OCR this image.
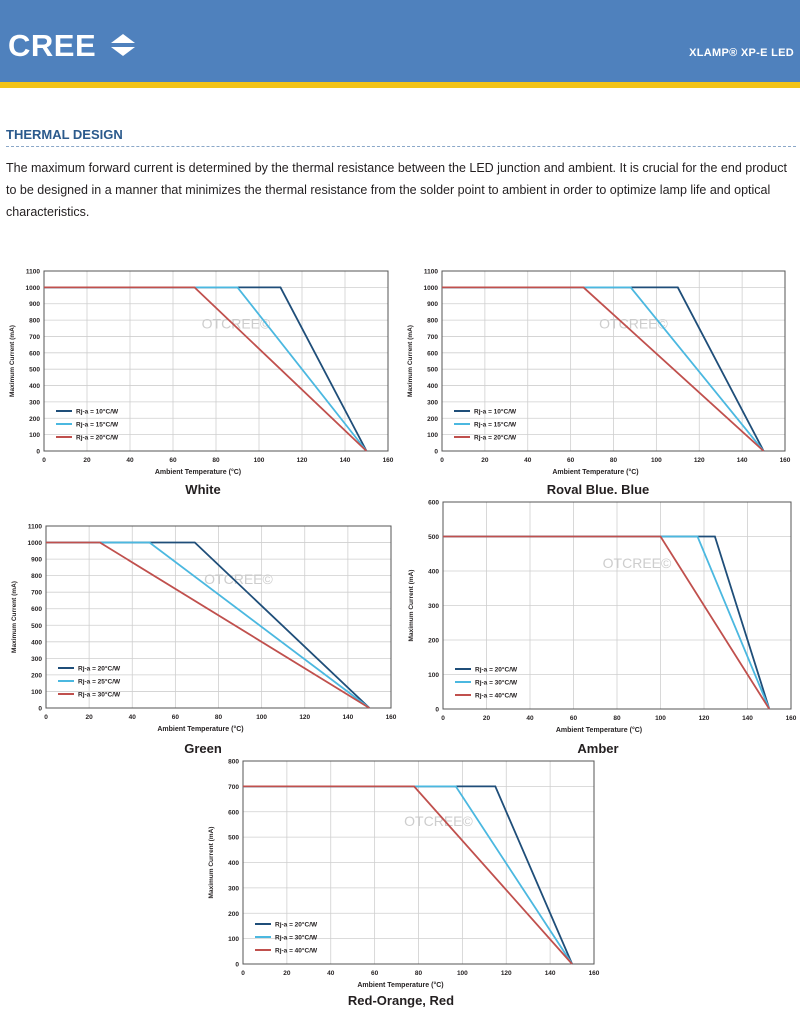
CREE	XLAMP® XP-E LED
THERMAL DESIGN
The maximum forward current is determined by the thermal resistance between the LED junction and ambient. It is crucial for the end product to be designed in a manner that minimizes the thermal resistance from the solder point to ambient in order to optimize lamp life and optical characteristics.
0
100
200
300
400
500
600
700
800
900
1000
1100
0	20	40	60	80	100	120	140	160
Ambient Temperature (°C)
Maximum Current (mA)
OTCREE©
Rj-a = 10°C/W
Rj-a = 15°C/W
Rj-a = 20°C/W
0
100
200
300
400
500
600
700
800
900
1000
1100
0	20	40	60	80	100	120	140	160
Ambient Temperature (°C)
Maximum Current (mA)
OTCREE©
Rj-a = 10°C/W
Rj-a = 15°C/W
Rj-a = 20°C/W
0
100
200
300
400
500
600
700
800
900
1000
1100
0	20	40	60	80	100	120	140	160
Ambient Temperature (°C)
Maximum Current (mA)
OTCREE©
Rj-a = 20°C/W
Rj-a = 25°C/W
Rj-a = 30°C/W
0
100
200
300
400
500
600
0	20	40	60	80	100	120	140	160
Ambient Temperature (°C)
Maximum Current (mA)
OTCREE©
Rj-a = 20°C/W
Rj-a = 30°C/W
Rj-a = 40°C/W
0
100
200
300
400
500
600
700
800
0	20	40	60	80	100	120	140	160
Ambient Temperature (°C)
Maximum Current (mA)
OTCREE©
Rj-a = 20°C/W
Rj-a = 30°C/W
Rj-a = 40°C/W
White	Roval Blue. Blue
Green	Amber
Red-Orange, Red
